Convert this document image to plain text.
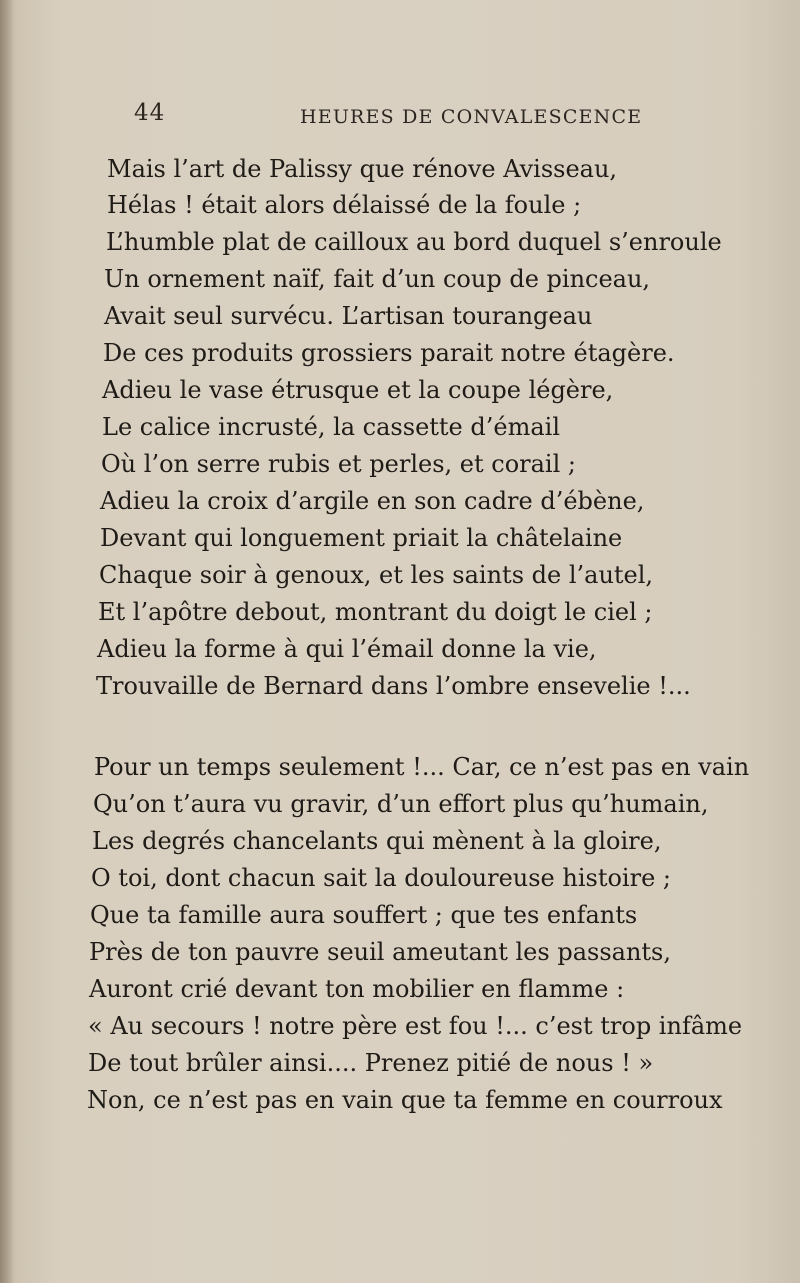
44	HEURES DE CONVALESCENCE
Mais l’art de Palissy que rénove Avisseau,
Hélas ! était alors délaissé de la foule ;
L’humble plat de cailloux au bord duquel s’enroule
Un ornement naïf, fait d’un coup de pinceau,
Avait seul survécu. L’artisan tourangeau
De ces produits grossiers parait notre étagère.
Adieu le vase étrusque et la coupe légère,
Le calice incrusté, la cassette d’émail
Où l’on serre rubis et perles, et corail ;
Adieu la croix d’argile en son cadre d’ébène,
Devant qui longuement priait la châtelaine
Chaque soir à genoux, et les saints de l’autel,
Et l’apôtre debout, montrant du doigt le ciel ;
Adieu la forme à qui l’émail donne la vie,
Trouvaille de Bernard dans l’ombre ensevelie !...
Pour un temps seulement !... Car, ce n’est pas en vain
Qu’on t’aura vu gravir, d’un effort plus qu’humain,
Les degrés chancelants qui mènent à la gloire,
O toi, dont chacun sait la douloureuse histoire ;
Que ta famille aura souffert ; que tes enfants
Près de ton pauvre seuil ameutant les passants,
Auront crié devant ton mobilier en flamme :
« Au secours ! notre père est fou !... c’est trop infâme
De tout brûler ainsi.... Prenez pitié de nous ! »
Non, ce n’est pas en vain que ta femme en courroux
